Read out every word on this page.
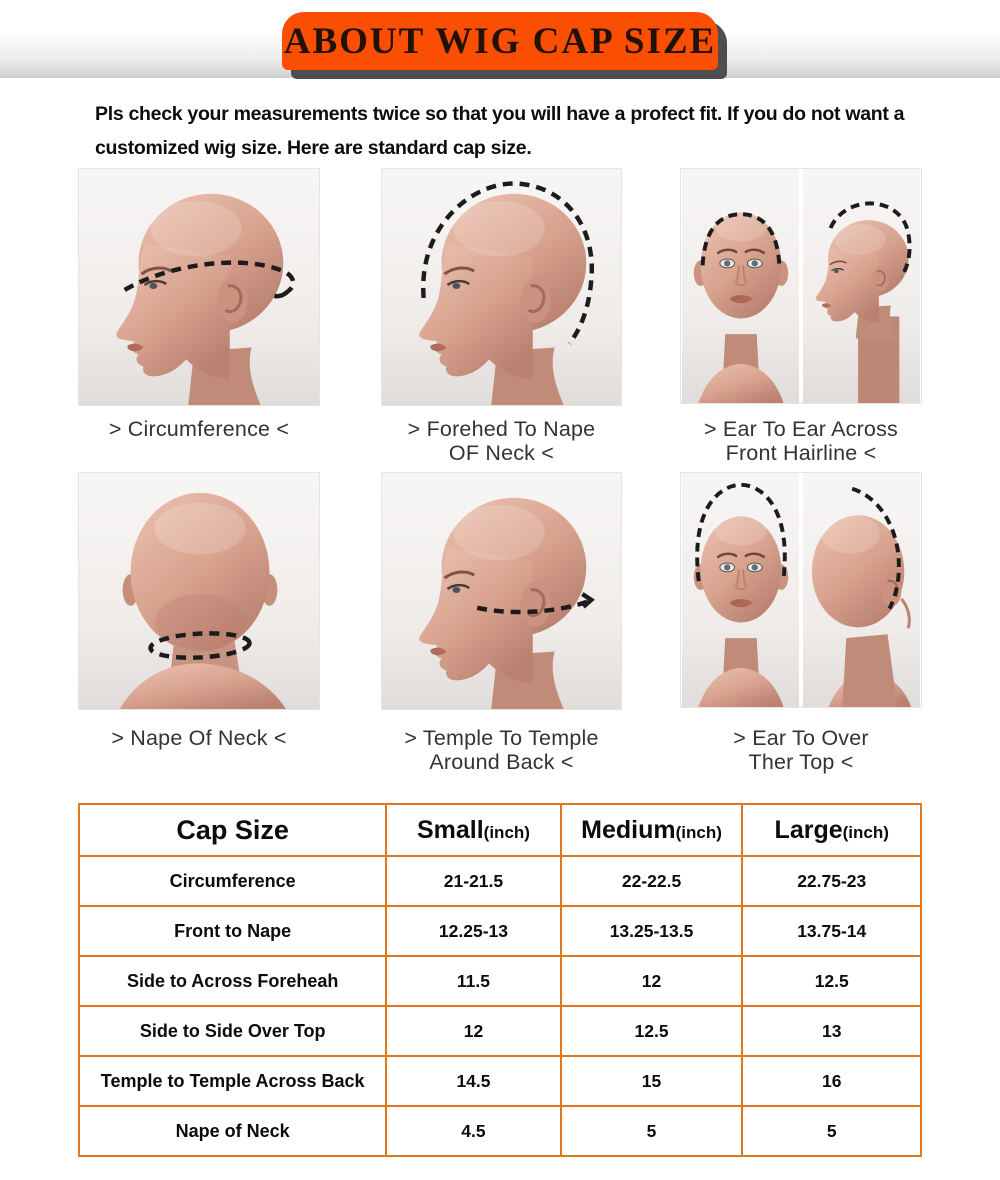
ABOUT WIG CAP SIZE
Pls check your measurements twice so that you will have a profect fit. If you do not want a
customized wig size. Here are standard cap size.
> Circumference <	> Forehed To Nape
OF Neck <
> Ear To Ear Across
Front Hairline <
> Nape Of Neck <	> Temple To Temple
Around Back <
> Ear To Over
Ther Top <
Cap Size	Small(inch)	Medium(inch)	Large(inch)
Circumference	21-21.5	22-22.5	22.75-23
Front to Nape	12.25-13	13.25-13.5	13.75-14
Side to Across Foreheah	11.5	12	12.5
Side to Side Over Top	12	12.5	13
Temple to Temple Across Back	14.5	15	16
Nape of Neck	4.5	5	5
